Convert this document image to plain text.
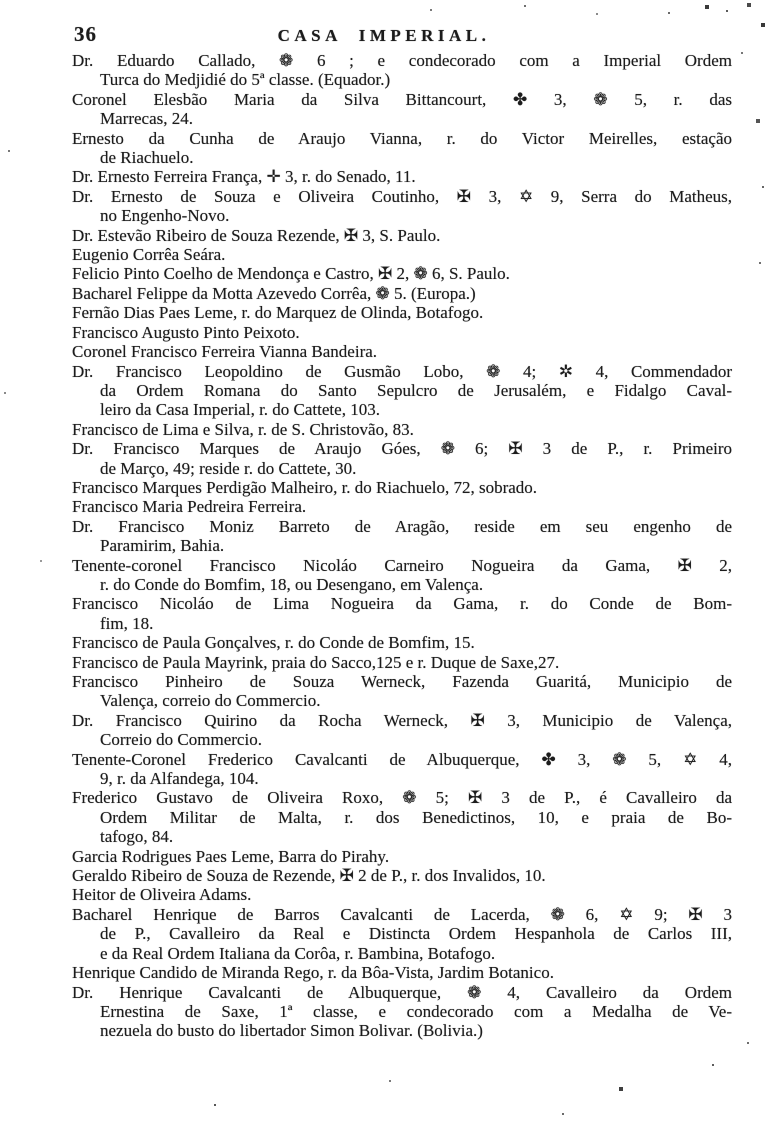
36	CASA IMPERIAL.

Dr. Eduardo Callado, ❁ 6 ; e condecorado com a Imperial Ordem
Turca do Medjidié do 5ª classe. (Equador.)

Coronel Elesbão Maria da Silva Bittancourt, ✤ 3, ❁ 5, r. das
Marrecas, 24.

Ernesto da Cunha de Araujo Vianna, r. do Victor Meirelles, estação
de Riachuelo.

Dr. Ernesto Ferreira França, ✛ 3, r. do Senado, 11.

Dr. Ernesto de Souza e Oliveira Coutinho, ✠ 3, ✡ 9, Serra do Matheus,
no Engenho-Novo.

Dr. Estevão Ribeiro de Souza Rezende, ✠ 3, S. Paulo.

Eugenio Corrêa Seára.

Felicio Pinto Coelho de Mendonça e Castro, ✠ 2, ❁ 6, S. Paulo.

Bacharel Felippe da Motta Azevedo Corrêa, ❁ 5. (Europa.)

Fernão Dias Paes Leme, r. do Marquez de Olinda, Botafogo.

Francisco Augusto Pinto Peixoto.

Coronel Francisco Ferreira Vianna Bandeira.

Dr. Francisco Leopoldino de Gusmão Lobo, ❁ 4; ✲ 4, Commendador
da Ordem Romana do Santo Sepulcro de Jerusalém, e Fidalgo Caval-
leiro da Casa Imperial, r. do Cattete, 103.

Francisco de Lima e Silva, r. de S. Christovão, 83.

Dr. Francisco Marques de Araujo Góes, ❁ 6; ✠ 3 de P., r. Primeiro
de Março, 49; reside r. do Cattete, 30.

Francisco Marques Perdigão Malheiro, r. do Riachuelo, 72, sobrado.

Francisco Maria Pedreira Ferreira.

Dr. Francisco Moniz Barreto de Aragão, reside em seu engenho de
Paramirim, Bahia.

Tenente-coronel Francisco Nicoláo Carneiro Nogueira da Gama, ✠ 2,
r. do Conde do Bomfim, 18, ou Desengano, em Valença.

Francisco Nicoláo de Lima Nogueira da Gama, r. do Conde de Bom-
fim, 18.

Francisco de Paula Gonçalves, r. do Conde de Bomfim, 15.

Francisco de Paula Mayrink, praia do Sacco,125 e r. Duque de Saxe,27.

Francisco Pinheiro de Souza Werneck, Fazenda Guaritá, Municipio de
Valença, correio do Commercio.

Dr. Francisco Quirino da Rocha Werneck, ✠ 3, Municipio de Valença,
Correio do Commercio.

Tenente-Coronel Frederico Cavalcanti de Albuquerque, ✤ 3, ❁ 5, ✡ 4,
9, r. da Alfandega, 104.

Frederico Gustavo de Oliveira Roxo, ❁ 5; ✠ 3 de P., é Cavalleiro da
Ordem Militar de Malta, r. dos Benedictinos, 10, e praia de Bo-
tafogo, 84.

Garcia Rodrigues Paes Leme, Barra do Pirahy.

Geraldo Ribeiro de Souza de Rezende, ✠ 2 de P., r. dos Invalidos, 10.

Heitor de Oliveira Adams.

Bacharel Henrique de Barros Cavalcanti de Lacerda, ❁ 6, ✡ 9; ✠ 3
de P., Cavalleiro da Real e Distincta Ordem Hespanhola de Carlos III,
e da Real Ordem Italiana da Corôa, r. Bambina, Botafogo.

Henrique Candido de Miranda Rego, r. da Bôa-Vista, Jardim Botanico.

Dr. Henrique Cavalcanti de Albuquerque, ❁ 4, Cavalleiro da Ordem
Ernestina de Saxe, 1ª classe, e condecorado com a Medalha de Ve-
nezuela do busto do libertador Simon Bolivar. (Bolivia.)
